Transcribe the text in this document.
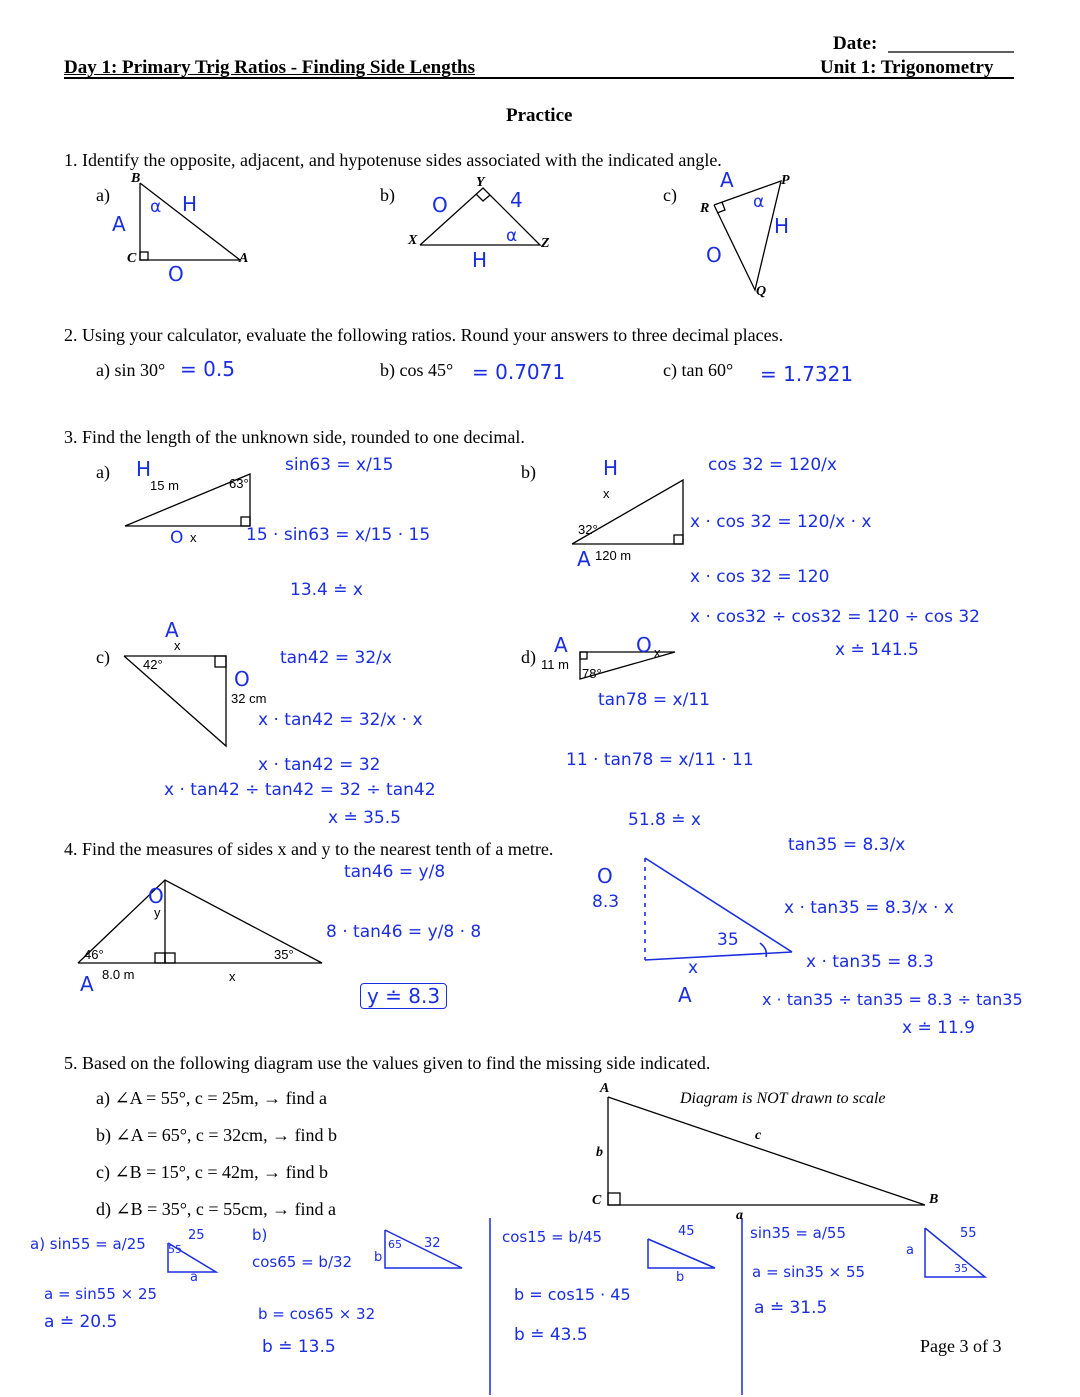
Day 1: Primary Trig Ratios - Finding Side Lengths
Date:
Unit 1: Trigonometry
Practice
1. Identify the opposite, adjacent, and hypotenuse sides associated with the indicated angle.
a)	b)	c)
B
C	A
A
H
O
α
X
Y
Z
O	4
H
α
P
R
Q
A
H
O
α
2. Using your calculator, evaluate the following ratios. Round your answers to three decimal places.
a) sin 30° = 0.5	b) cos 45° = 0.7071	c) tan 60° = 1.7321
3. Find the length of the unknown side, rounded to one decimal.
a)
15 m	63°
x
H	sin63 = x/15
O	15 · sin63 = x/15 · 15
13.4 ≐ x
b)
x
32°
120 m
H
A
cos 32 = 120/x
x · cos 32 = 120/x · x
x · cos 32 = 120
x · cos32 ÷ cos32 = 120 ÷ cos 32
x ≐ 141.5
c)
x
42°
32 cm
A
O
tan42 = 32/x
x · tan42 = 32/x · x
x · tan42 = 32
x · tan42 ÷ tan42 = 32 ÷ tan42
x ≐ 35.5
d) 11 m
78°
x
A	O
tan78 = x/11
11 · tan78 = x/11 · 11
51.8 ≐ x
4. Find the measures of sides x and y to the nearest tenth of a metre.
46°	35°
8.0 m
y
x
A
O
tan46 = y/8
8 · tan46 = y/8 · 8
y ≐ 8.3
O
8.3
35
x
A
tan35 = 8.3/x
x · tan35 = 8.3/x · x
x · tan35 = 8.3
x · tan35 ÷ tan35 = 8.3 ÷ tan35
x ≐ 11.9
5. Based on the following diagram use the values given to find the missing side indicated.
a) ∠A = 55°, c = 25m, → find a
b) ∠A = 65°, c = 32cm, → find b
c) ∠B = 15°, c = 42m, → find b
d) ∠B = 35°, c = 55cm, → find a
Diagram is NOT drawn to scale
A
B
C
a
b
c
a) sin55 = a/25
a = sin55 × 25
a ≐ 20.5
25
55
a
b)
cos65 = b/32
b = cos65 × 32
b ≐ 13.5
b
65 32	cos15 = b/45
b = cos15 · 45
b ≐ 43.5
45
b
sin35 = a/55
a = sin35 × 55
a ≐ 31.5
a
55
35
Page 3 of 3
